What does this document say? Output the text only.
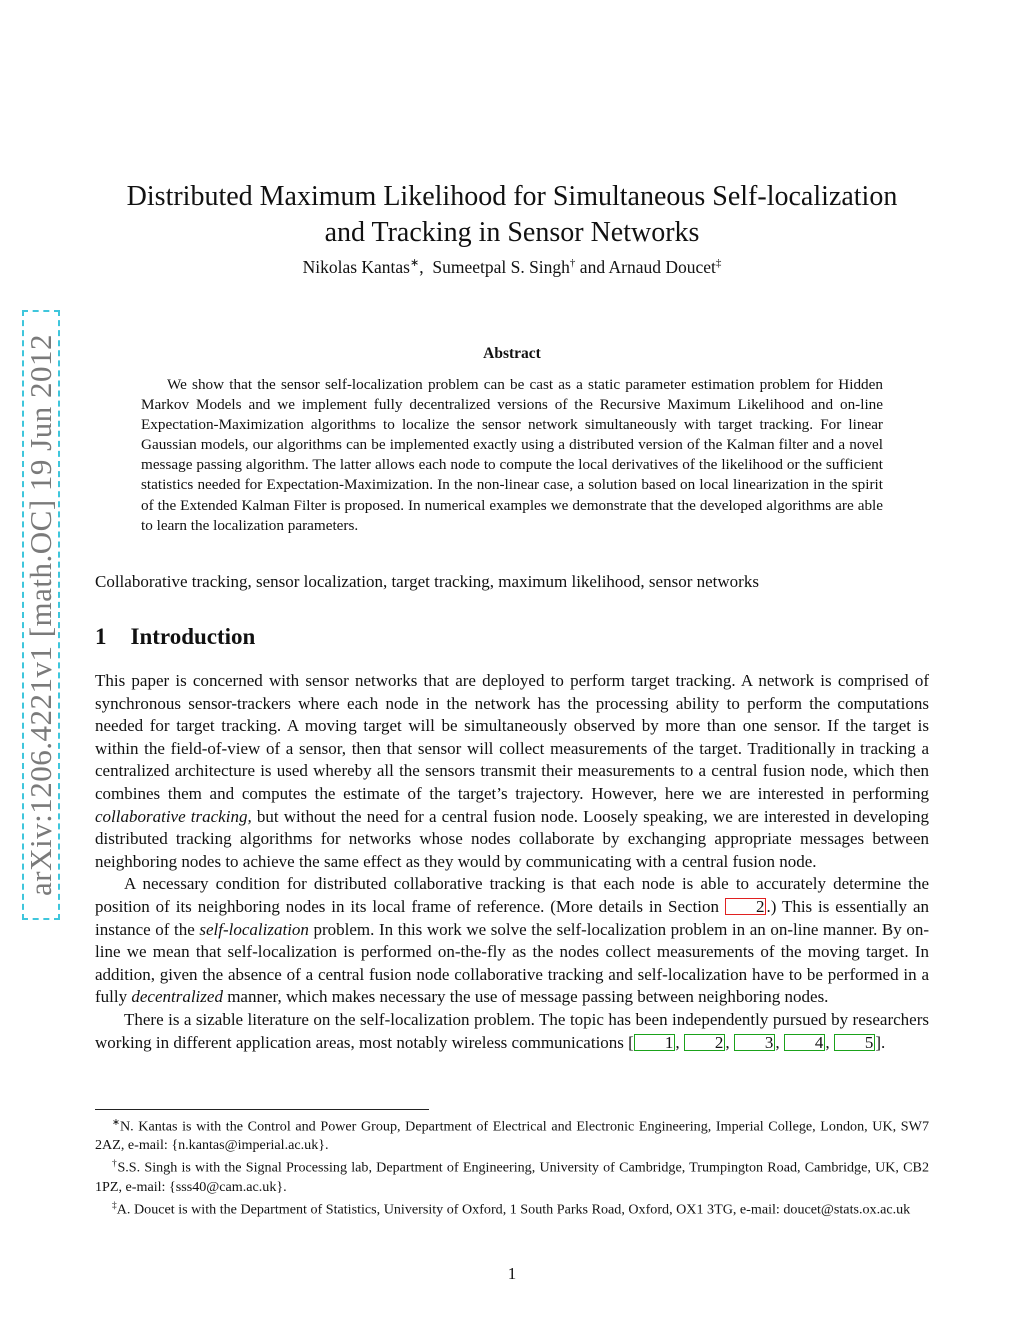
arXiv:1206.4221v1 [math.OC] 19 Jun 2012
Distributed Maximum Likelihood for Simultaneous Self-localization
and Tracking in Sensor Networks
Nikolas Kantas∗, Sumeetpal S. Singh† and Arnaud Doucet‡
Abstract

We show that the sensor self-localization problem can be cast as a static parameter estimation problem for Hidden Markov Models and we implement fully decentralized versions of the Recursive Maximum Likelihood and on-line Expectation-Maximization algorithms to localize the sensor network simultaneously with target tracking. For linear Gaussian models, our algorithms can be implemented exactly using a distributed version of the Kalman filter and a novel message passing algorithm. The latter allows each node to compute the local derivatives of the likelihood or the sufficient statistics needed for Expectation-Maximization. In the non-linear case, a solution based on local linearization in the spirit of the Extended Kalman Filter is proposed. In numerical examples we demonstrate that the developed algorithms are able to learn the localization parameters.

Collaborative tracking, sensor localization, target tracking, maximum likelihood, sensor networks

1 Introduction

This paper is concerned with sensor networks that are deployed to perform target tracking. A network is comprised of synchronous sensor-trackers where each node in the network has the processing ability to perform the computations needed for target tracking. A moving target will be simultaneously observed by more than one sensor. If the target is within the field-of-view of a sensor, then that sensor will collect measurements of the target. Traditionally in tracking a centralized architecture is used whereby all the sensors transmit their measurements to a central fusion node, which then combines them and computes the estimate of the target’s trajectory. However, here we are interested in performing collaborative tracking, but without the need for a central fusion node. Loosely speaking, we are interested in developing distributed tracking algorithms for networks whose nodes collaborate by exchanging appropriate messages between neighboring nodes to achieve the same effect as they would by communicating with a central fusion node.

A necessary condition for distributed collaborative tracking is that each node is able to accurately determine the position of its neighboring nodes in its local frame of reference. (More details in Section 2 .) This is essentially an instance of the self-localization problem. In this work we solve the self-localization problem in an on-line manner. By on-line we mean that self-localization is performed on-the-fly as the nodes collect measurements of the moving target. In addition, given the absence of a central fusion node collaborative tracking and self-localization have to be performed in a fully decentralized manner, which makes necessary the use of message passing between neighboring nodes.

There is a sizable literature on the self-localization problem. The topic has been independently pursued by researchers working in different application areas, most notably wireless communications [ 1 , 2 , 3 , 4 , 5 ].

∗N. Kantas is with the Control and Power Group, Department of Electrical and Electronic Engineering, Imperial College, London, UK, SW7 2AZ, e-mail: {n.kantas@imperial.ac.uk}.

†S.S. Singh is with the Signal Processing lab, Department of Engineering, University of Cambridge, Trumpington Road, Cambridge, UK, CB2 1PZ, e-mail: {sss40@cam.ac.uk}.

‡A. Doucet is with the Department of Statistics, University of Oxford, 1 South Parks Road, Oxford, OX1 3TG, e-mail: doucet@stats.ox.ac.uk

1
